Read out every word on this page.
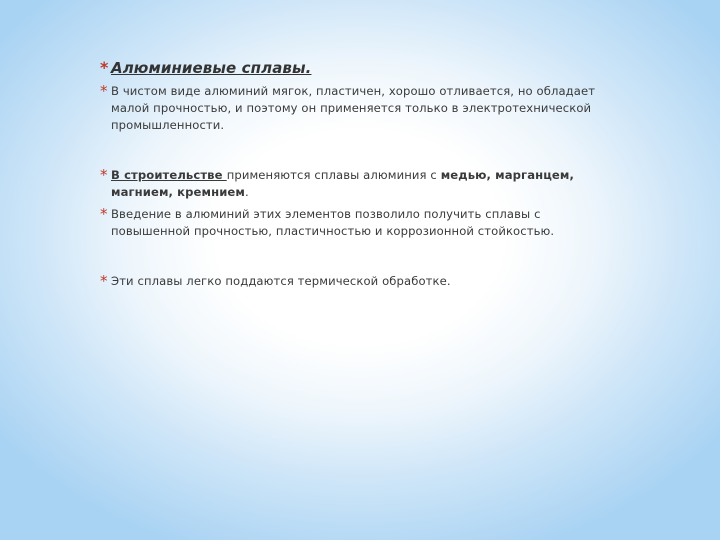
* Алюминиевые сплавы.
* В чистом виде алюминий мягок, пластичен, хорошо отливается, но обладает малой прочностью, и поэтому он применяется только в электротехнической промышленности.
* В строительстве применяются сплавы алюминия с медью, марганцем, магнием, кремнием.
* Введение в алюминий этих элементов позволило получить сплавы с повышенной прочностью, пластичностью и коррозионной стойкостью.
* Эти сплавы легко поддаются термической обработке.
